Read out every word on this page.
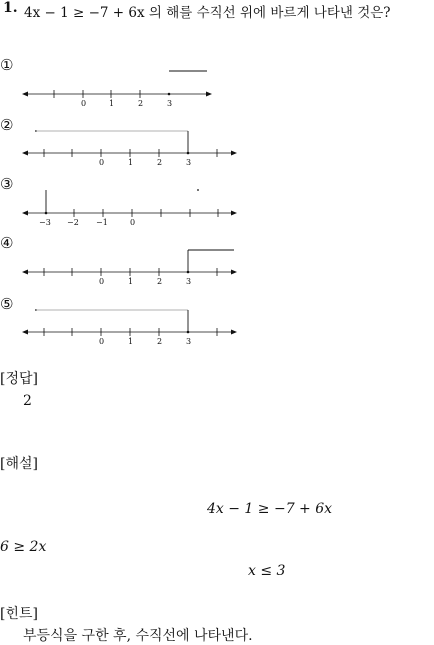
1. 4x − 1 ≥ −7 + 6x 의 해를 수직선 위에 바르게 나타낸 것은?
①
0	1	2	3
②
0	1	2	3
③
−3 −2 −1	0
④
0	1	2	3
⑤
0	1	2	3
[정답]
2
[해설]
4x − 1 ≥ −7 + 6x
6 ≥ 2x
x ≤ 3
[힌트]
부등식을 구한 후, 수직선에 나타낸다.
